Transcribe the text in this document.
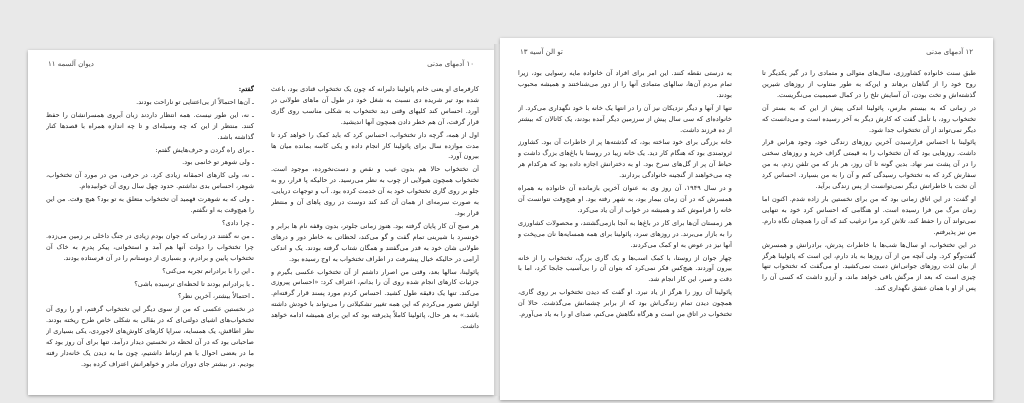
۱۰ آدمهای مدنی
دیوان آلسمه ۱۱

کارفرمای او یعنی خانم پائولینا دلبرانه که چون یک تختخواب قنادی بود، باعث شده بود تیر شریده دی نسبت به شغل خود در طول آن ماهای طولانی در آورد. احساس کند کلیهای وقتی دید تختخواب به شکلی مناسب روی گاری قرار گرفت، آن هم خطر دادن همچون آنها اندیشید.

اول از همه، گرچه دار تختخواب، احساس کرد که باید کمک را خواهد کرد تا مدت موازده سال برای پائولینا کار انجام داده و یکی کاسه بمانده میان ها بیرون آورد.

آن تختخواب حالا هم بدون عیب و نقص و دست‌نخورده، موجود است. تختخواب همچون هیولایی از چوب به نظر می‌رسید. در حالیکه پا فرار، رو به جلو بر روی گاری تختخواب خود به آن خدمت کرده بود. آب و توجهات دریایی، به صورت سرمه‌ای از همان آن کند کند دوست در روی پاهای آن و منتظر قرار بود.

هر صبح آن کار پایان گرفته بود. هنوز زمانی جلوتر، بدون وقفه نام ها برابر و خونسرد با شیرینی تمام گفت و گو می‌کند، لحظاتی به خاطر دور و درهای طولانی شان خود به قدر می‌گفتند و همگان شتاب گرفته بودند. یک و اندکی آرامی در حالیکه خیال پیشرفت در اطراف تختخواب به اوج رسیده بود.

پائولینا، سالها بعد، وقتی من اصرار داشتم از آن تختخواب عکسی بگیرم و جزئیات کارهای انجام شده روی آن را بدانم، اعتراف کرد: «احساس پیروزی می‌کند. تنها یک دقیقه طول کشید. احساس کردم مورد پسند قرار گرفته‌ام. اولش تصور می‌کردم که این همه تغییر تشکیلاتی را می‌تواند با خودش داشته باشد.» به هر حال، پائولینا کاملاً پذیرفته بود که این برای همیشه ادامه خواهد داشت.

گفتم:

ـ آن‌ها احتمالاً از بی‌اعتنایی تو ناراحت بودند.

ـ نه، این طور نیست. همه انتظار داردند زبان آبروی همسرانشان را حفظ کنند. منتظر از این که چه وسیله‌ای و تا چه اندازه همراه با قصدها کنار گذاشته باشد.

ـ برای راه گردن و حرف‌هایش گفتم:

ـ ولی شوهر تو خانمی بود.

ـ نه، ولی کارهای احمقانه زیادی کرد. در حرفی، من در مورد آن تختخواب، شوهر، احساس بدی نداشتم. حدود چهل سال روی آن خوابیده‌ام.

ـ ولی که به شوهرت فهمید آن تختخواب متعلق به تو بود؟ هیچ وقت. من این را هیچ‌وقت به او نگفتم.

ـ چرا دادی؟

ـ من نه گفتند در زمانی که جوان بودم زیادی در جنگ داخلی بر زمین می‌زده. چرا تختخواب را دولت آنها هم آمد و استخوانی، پیکر پدرم به خاک آن تختخواب پایین و برادرم، و بسیاری از دوستانم را در آن فرستاده بودند.

ـ این را با برادرانم تجربه می‌کنی؟

ـ با برادرانم بودند تا لحظه‌ای ترسیده باشی؟

ـ احتمالاً بیشتر، آخرین نظر؟

در نخستین عکسی که من از سوی دیگر این تختخواب گرفتم، او را روی آن تختخواب‌های اشیای دولتی‌ای که در بقالی به شکلی خاص طرح ریخته بودند. نظر اطاقش، یک همسایه، سراپا کار‌های کاوش‌های لاجوردی، یکی بسیاری از صاحبانی بود که در آن لحظه در نخستین دیدار درآمد. تنها برای آن روز بود که ما در بعضی احوال با هم ارتباط داشتیم، چون ما به دیدن یک خانه‌دار رفته بودیم. در بیشتر جای دوران مادر و خواهرانش اعتراف کرده بود.

۱۲ آدمهای مدنی
تو الن آسیه ۱۳

طبق سنت خانواده کشاورزی، سال‌های متوالی و متمادی را در گیر یکدیگر تا روح خود را از گناهان برهاند و این‌که به طور متناوب از روزهای شیرین گذشته‌اش و تخت بودن، آن آسایش تلخ را در کمال صمیمیت می‌نگریست.

در زمانی که به بیستم مارس، پائولینا اندکی پیش از این که به بستر آن تختخواب رود، با تأمل گفت که کارش دیگر به آخر رسیده است و می‌دانست که دیگر نمی‌تواند از آن تختخواب جدا شود.

پائولینا با احساس فرارسیدن آخرین روزهای زندگی خود، وجود هراس قرار داشت. روزهایی بود که آن تختخواب را به قیمتی گزاف خرید و روزهای سختی را در آن پشت سر نهاد. بدین گونه تا آن روز، هر بار که من تلفن زدم، به من سفارش کرد که به تختخواب رسیدگی کنم و آن را به من بسپارد. احساس کرد آن تخت با خاطراتش دیگر نمی‌توانست از پس زندگی برآید.

او گفت: در این اتاق زمانی بود که من برای نخستین بار زاده شدم. اکنون اما زمان مرگ من فرا رسیده است. او هنگامی که احساس کرد خود به تنهایی نمی‌تواند آن را حفظ کند، تلاش کرد مرا ترغیب کند که آن را همچنان نگاه دارم. من نیز پذیرفتم.

در این تختخواب، او سال‌ها شب‌ها با خاطرات پدرش، برادرانش و همسرش گفت‌وگو کرد. ولی آنچه من از آن روزها به یاد دارم، این است که پائولینا هرگز از بیان لذت روزهای جوانی‌اش دست نمی‌کشید. او می‌گفت که تختخواب تنها چیزی است که بعد از مرگش باقی خواهد ماند، و آرزو داشت که کسی آن را پس از او با همان عشق نگهداری کند.

به درستی نقطه کنند. این امر برای افراد آن خانواده مایه رسوایی بود، زیرا تمام مردم آن‌ها، سالهای متمادی آنها را از دور می‌شناختند و همیشه محبوب بودند.

تنها از آنها و دیگر نزدیکان نیز آن را در انتها یک خانه با خود نگهداری می‌کرد. از خانواده‌ای که سی سال پیش از سرزمین دیگر آمده بودند، یک کاتالان که بیشتر از ده فرزند داشت.

خانه بزرگی برای خود ساخته بود، که گذشته‌ها پر از خاطرات آن بود. کشاورز ثروتمندی بود که هنگام کار دید. یک خانه زیبا در روستا با باغ‌های بزرگ داشت و حیاط آن پر از گل‌های سرخ بود. او به دخترانش اجازه داده بود که هرکدام هر چه می‌خواهند از گنجینه خانوادگی بردارند.

و در سال ۱۹۴۹، آن روز وی به عنوان آخرین بازمانده آن خانواده به همراه همسرش که در آن زمان بیمار بود، به شهر رفته بود. او هیچ‌وقت نتوانست آن خانه را فراموش کند و همیشه در خواب از آن یاد می‌کرد.

هر زمستان آن‌ها برای کار در باغ‌ها به آنجا بازمی‌گشتند، و محصولات کشاورزی را به بازار می‌برند. در روزهای سرد، پائولینا برای همه همسایه‌ها نان می‌پخت و آنها نیز در عوض به او کمک می‌کردند.

چهار جوان از روستا، با کمک اسب‌ها و یک گاری بزرگ، تختخواب را از خانه بیرون آوردند. هیچ‌کس فکر نمی‌کرد که بتوان آن را بی‌آسیب جابجا کرد، اما با دقت و صبر، این کار انجام شد.

پائولینا آن روز را هرگز از یاد نبرد. او گفت که دیدن تختخواب بر روی گاری، همچون دیدن تمام زندگی‌اش بود که از برابر چشمانش می‌گذشت. حالا آن تختخواب در اتاق من است و هرگاه نگاهش می‌کنم، صدای او را به یاد می‌آورم.
